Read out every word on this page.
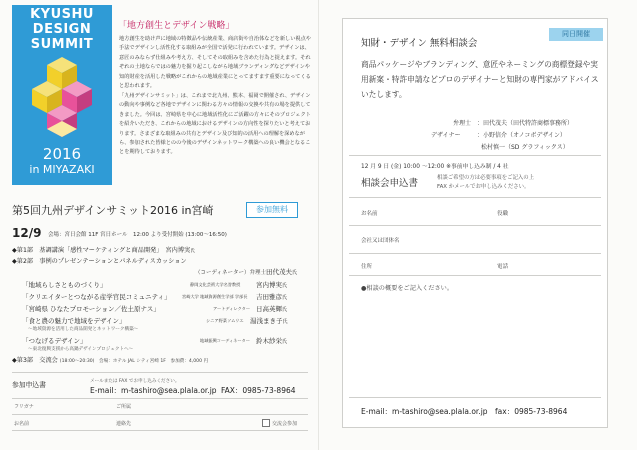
KYUSHU
DESIGN
SUMMIT
2016
in MIYAZAKI
「地方創生とデザイン戦略」

地方創生を助け声に地域の特徴品や伝統産業、商店街や自治体などを新しい視点や手法でデザインし活性化する取組みが全国で活発に行われています。デザインは、意匠のみならず仕組みや考え方、そしてその取組みを含めた行為と捉えます。それぞれの土地ならではの魅力を掘り起こしながら地域ブランディングなどデザインや知的財産を活用した戦略がこれからの地域産業にとってますます重要になってくると思われます。

「九州デザインサミット」は、これまで北九州、熊本、福岡で開催され、デザインの動向や事例など各地でデザインに関わる方々の情報の交換や共有の場を提供してきました。今回は、宮崎県を中心に地域活性化にご活躍の方々にそのプロジェクトを紹介いただき、これからの地域におけるデザインの方向性を探りたいと考えております。さまざまな取組みの共有とデザイン及び知的の活用への理解を深めながら、参加された皆様とのの今後のデザインネットワーク構築への良い機会となることを期待しております。

第5回九州デザインサミット2016 in宮崎	参加無料
12/9 会場：宮日会館 11F 宮日ホール　12:00 より受付開始 (13:00〜16:50)
◆第1部　基調講演「感性マーケティングと商品開発」　宮内博実氏
◆第2部　事例のプレゼンテーションとパネルディスカッション
（コーディネーター）弁理士 田代茂夫氏
「地域らしさとものづくり」	静岡文化芸術大学名誉教授 宮内博実氏
「クリエイターとつながる産学官民コミュニティ」	宮崎大学 地域資源創生学部 学部長 吉田雅彦氏
「宮崎県 ひなたプロモーション／佐土原ナス」	アートディレクター 日高英輝氏
「食と農の魅力で地域をデザイン」	シニア野菜ソムリエ 湯浅まき子氏
〜地域資源を活用した商品開発とネットワーク構築〜
「つなげるデザイン」	地域振興コーディネーター 鈴木紗栄氏
〜東北復興支援から高鍋デザインプロジェクトへ〜
◆第3部　交流会 (18:00〜20:30)　会場：ホテル JAL シティ宮崎 1F　参加費：4,000 円
参加申込書	メールまたは FAX でお申し込みください。
E-mail：m-tashiro@sea.plala.or.jp FAX：0985-73-8964
フリガナ	ご所属
お名前	連絡先	交流会参加
知財・デザイン 無料相談会
同日開催
商品パッケージやブランディング、意匠やネーミングの商標登録や実用新案・特許申請などプロのデザイナーと知財の専門家がアドバイスいたします。
弁理士 ：田代茂夫（田代特許商標事務所）
デザイナー	：小野信介（オノコボデザイン）
松村慎一（SD グラフィックス）
12 月 9 日 (金) 10:00 〜12:00 ※事前申し込み制 / 4 社
相談会申込書	相談ご希望の方は必要事項をご記入の上
FAX かメールでお申し込みください。
お名前	役職
会社又は団体名
住所	電話
●相談の概要をご記入ください。
E-mail：m-tashiro@sea.plala.or.jp　fax：0985-73-8964
